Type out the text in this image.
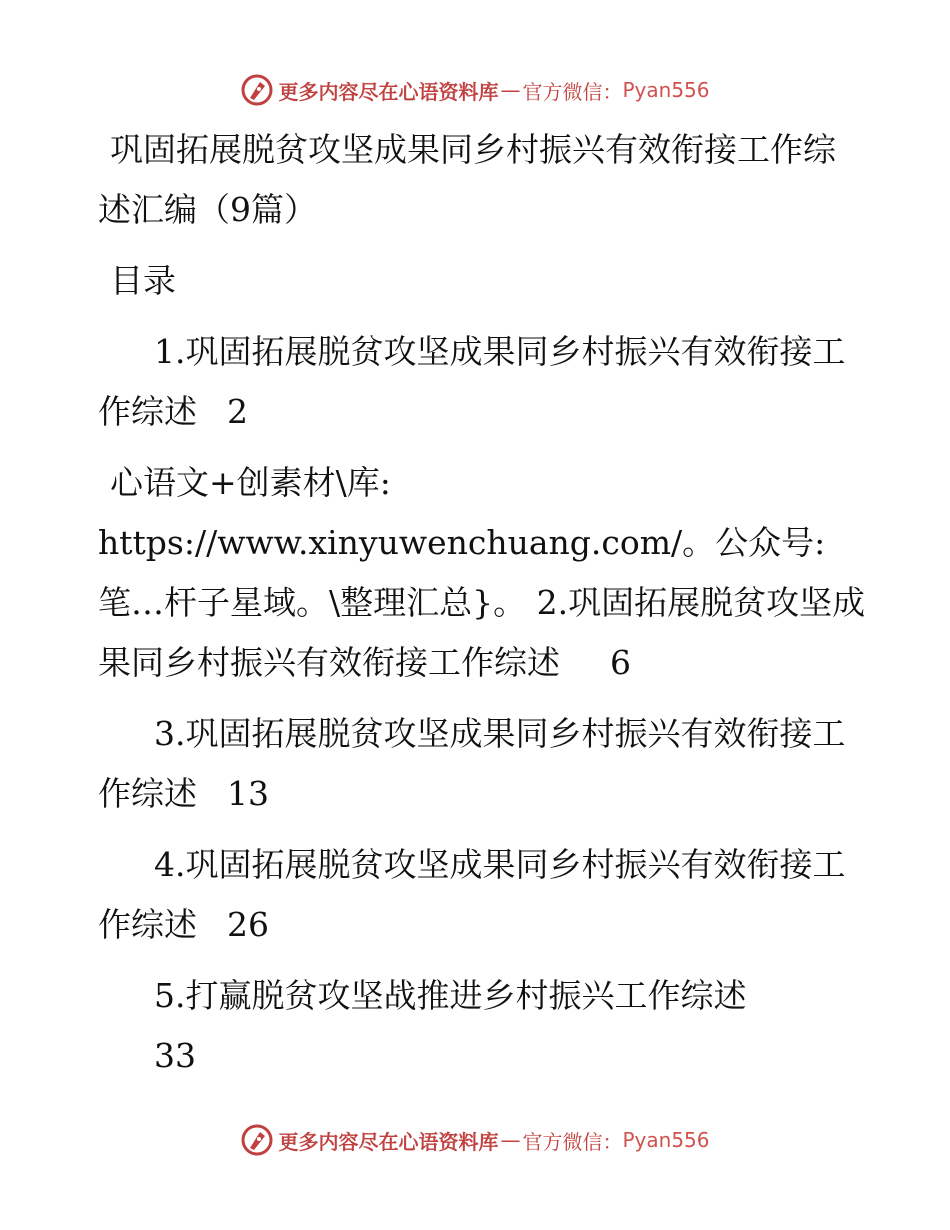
更多内容尽在心语资料库 — 官方微信： Pyan556

巩固拓展脱贫攻坚成果同乡村振兴有效衔接工作综述汇编（9篇）

目录

1.巩固拓展脱贫攻坚成果同乡村振兴有效衔接工作综述 2

心语文+创素材\库: https://www.xinyuwenchuang.com/。公众号: 笔…杆子星域。\整理汇总}。 2.巩固拓展脱贫攻坚成果同乡村振兴有效衔接工作综述 6

3.巩固拓展脱贫攻坚成果同乡村振兴有效衔接工作综述 13

4.巩固拓展脱贫攻坚成果同乡村振兴有效衔接工作综述 26

5.打赢脱贫攻坚战推进乡村振兴工作综述
33

更多内容尽在心语资料库 — 官方微信： Pyan556
